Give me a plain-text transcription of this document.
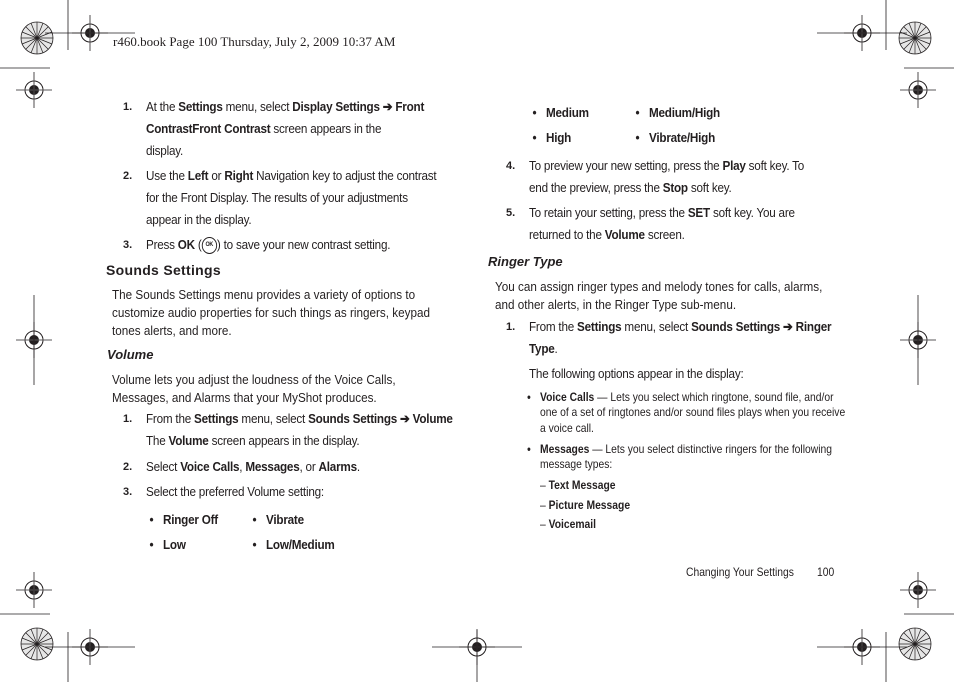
r460.book Page 100 Thursday, July 2, 2009 10:37 AM
1. At the Settings menu, select Display Settings ➔ Front
ContrastFront Contrast screen appears in the
display.
2. Use the Left or Right Navigation key to adjust the contrast
for the Front Display. The results of your adjustments
appear in the display.
3. Press OK ( OK ) to save your new contrast setting.
Sounds Settings
The Sounds Settings menu provides a variety of options to
customize audio properties for such things as ringers, keypad
tones alerts, and more.
Volume
Volume lets you adjust the loudness of the Voice Calls,
Messages, and Alarms that your MyShot produces.
1. From the Settings menu, select Sounds Settings ➔ Volume
The Volume screen appears in the display.
2. Select Voice Calls, Messages, or Alarms.
3. Select the preferred Volume setting:
• Ringer Off	• Vibrate
• Low	• Low/Medium
• Medium	• Medium/High
• High	• Vibrate/High
4. To preview your new setting, press the Play soft key. To
end the preview, press the Stop soft key.
5. To retain your setting, press the SET soft key. You are
returned to the Volume screen.
Ringer Type
You can assign ringer types and melody tones for calls, alarms,
and other alerts, in the Ringer Type sub-menu.
1. From the Settings menu, select Sounds Settings ➔ Ringer
Type.
The following options appear in the display:
• Voice Calls — Lets you select which ringtone, sound file, and/or
one of a set of ringtones and/or sound files plays when you receive
a voice call.
• Messages — Lets you select distinctive ringers for the following
message types:
– Text Message
– Picture Message
– Voicemail
Changing Your Settings 100
